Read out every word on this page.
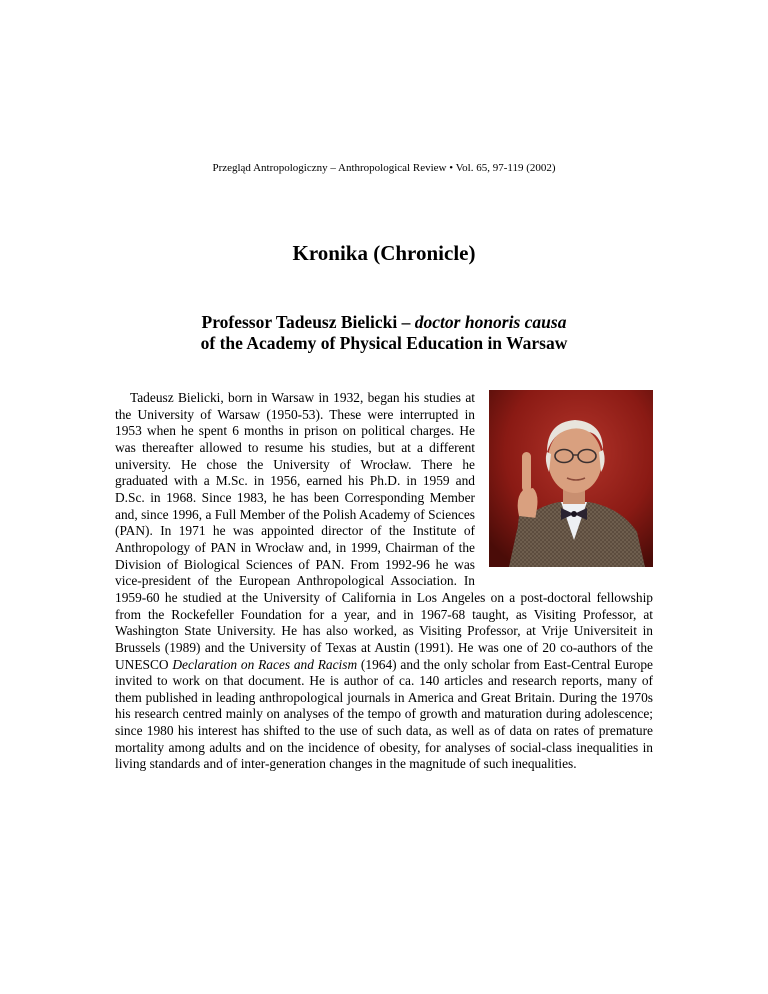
Przegląd Antropologiczny – Anthropological Review • Vol. 65, 97-119 (2002)
Kronika (Chronicle)
Professor Tadeusz Bielicki – doctor honoris causa
of the Academy of Physical Education in Warsaw

Tadeusz Bielicki, born in Warsaw in 1932, began his studies at the University of Warsaw (1950-53). These were interrupted in 1953 when he spent 6 months in prison on political charges. He was thereafter allowed to resume his studies, but at a different university. He chose the University of Wrocław. There he graduated with a M.Sc. in 1956, earned his Ph.D. in 1959 and D.Sc. in 1968. Since 1983, he has been Corresponding Member and, since 1996, a Full Member of the Polish Academy of Sciences (PAN). In 1971 he was appointed director of the Institute of Anthropology of PAN in Wrocław and, in 1999, Chairman of the Division of Biological Sciences of PAN. From 1992-96 he was vice-president of the European Anthropological Association. In 1959-60 he studied at the University of California in Los Angeles on a post-doctoral fellowship from the Rockefeller Foundation for a year, and in 1967-68 taught, as Visiting Professor, at Washington State University. He has also worked, as Visiting Professor, at Vrije Universiteit in Brussels (1989) and the University of Texas at Austin (1991). He was one of 20 co-authors of the UNESCO Declaration on Races and Racism (1964) and the only scholar from East-Central Europe invited to work on that document. He is author of ca. 140 articles and research reports, many of them published in leading anthropological journals in America and Great Britain. During the 1970s his research centred mainly on analyses of the tempo of growth and maturation during adolescence; since 1980 his interest has shifted to the use of such data, as well as of data on rates of premature mortality among adults and on the incidence of obesity, for analyses of social-class inequalities in living standards and of inter-generation changes in the magnitude of such inequalities.
